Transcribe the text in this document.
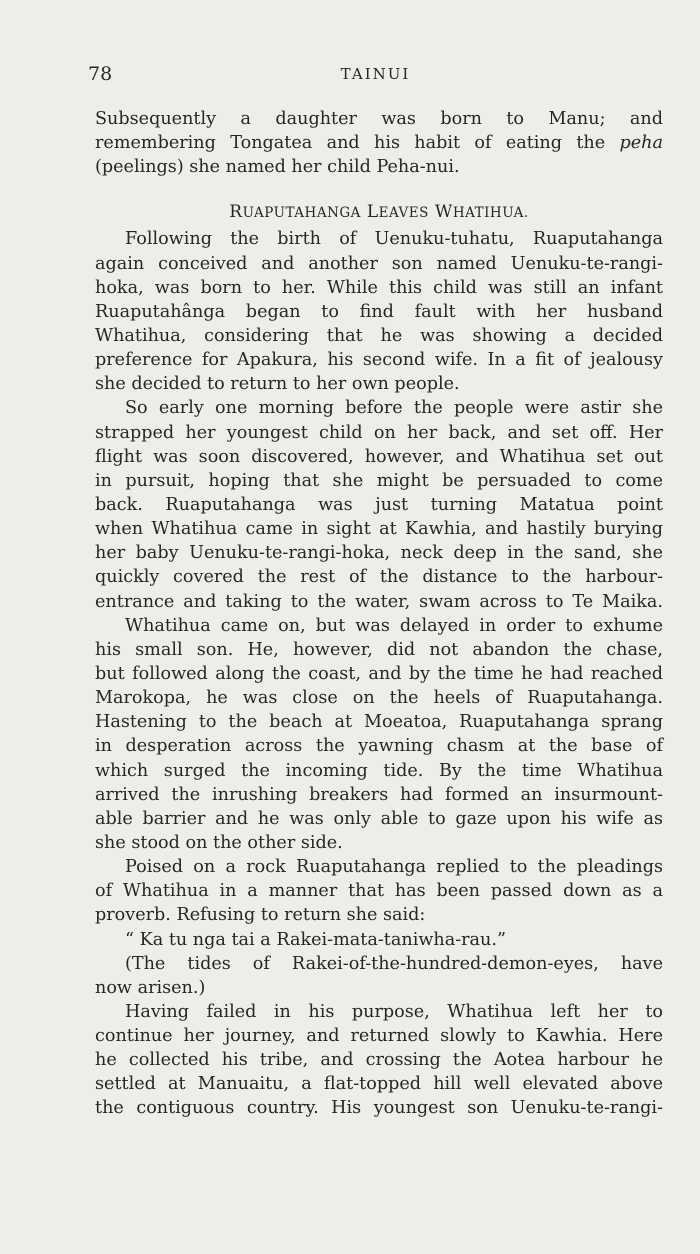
78	TAINUI
Subsequently a daughter was born to Manu; and
remembering Tongatea and his habit of eating the peha
(peelings) she named her child Peha-nui.
RUAPUTAHANGA LEAVES WHATIHUA.
Following the birth of Uenuku-tuhatu, Ruaputahanga
again conceived and another son named Uenuku-te-rangi-
hoka, was born to her. While this child was still an infant
Ruaputahânga began to find fault with her husband
Whatihua, considering that he was showing a decided
preference for Apakura, his second wife. In a fit of jealousy
she decided to return to her own people.
So early one morning before the people were astir she
strapped her youngest child on her back, and set off. Her
flight was soon discovered, however, and Whatihua set out
in pursuit, hoping that she might be persuaded to come
back. Ruaputahanga was just turning Matatua point
when Whatihua came in sight at Kawhia, and hastily burying
her baby Uenuku-te-rangi-hoka, neck deep in the sand, she
quickly covered the rest of the distance to the harbour-
entrance and taking to the water, swam across to Te Maika.
Whatihua came on, but was delayed in order to exhume
his small son. He, however, did not abandon the chase,
but followed along the coast, and by the time he had reached
Marokopa, he was close on the heels of Ruaputahanga.
Hastening to the beach at Moeatoa, Ruaputahanga sprang
in desperation across the yawning chasm at the base of
which surged the incoming tide. By the time Whatihua
arrived the inrushing breakers had formed an insurmount-
able barrier and he was only able to gaze upon his wife as
she stood on the other side.
Poised on a rock Ruaputahanga replied to the pleadings
of Whatihua in a manner that has been passed down as a
proverb. Refusing to return she said:
“ Ka tu nga tai a Rakei-mata-taniwha-rau.”
(The tides of Rakei-of-the-hundred-demon-eyes, have
now arisen.)
Having failed in his purpose, Whatihua left her to
continue her journey, and returned slowly to Kawhia. Here
he collected his tribe, and crossing the Aotea harbour he
settled at Manuaitu, a flat-topped hill well elevated above
the contiguous country. His youngest son Uenuku-te-rangi-
